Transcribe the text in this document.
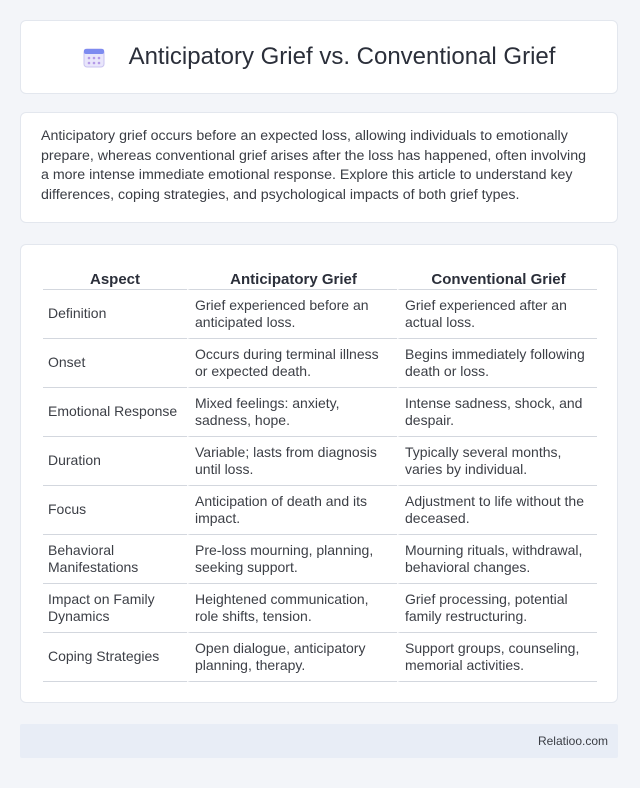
Anticipatory Grief vs. Conventional Grief

Anticipatory grief occurs before an expected loss, allowing individuals to emotionally prepare, whereas conventional grief arises after the loss has happened, often involving a more intense immediate emotional response. Explore this article to understand key differences, coping strategies, and psychological impacts of both grief types.

Aspect	Anticipatory Grief	Conventional Grief
Definition	Grief experienced before an anticipated loss.	Grief experienced after an actual loss.
Onset	Occurs during terminal illness or expected death.	Begins immediately following death or loss.
Emotional Response	Mixed feelings: anxiety, sadness, hope.	Intense sadness, shock, and despair.
Duration	Variable; lasts from diagnosis until loss.	Typically several months, varies by individual.
Focus	Anticipation of death and its impact.	Adjustment to life without the deceased.
Behavioral Manifestations	Pre-loss mourning, planning, seeking support.	Mourning rituals, withdrawal, behavioral changes.
Impact on Family Dynamics	Heightened communication, role shifts, tension.	Grief processing, potential family restructuring.
Coping Strategies	Open dialogue, anticipatory planning, therapy.	Support groups, counseling, memorial activities.
Relatioo.com
